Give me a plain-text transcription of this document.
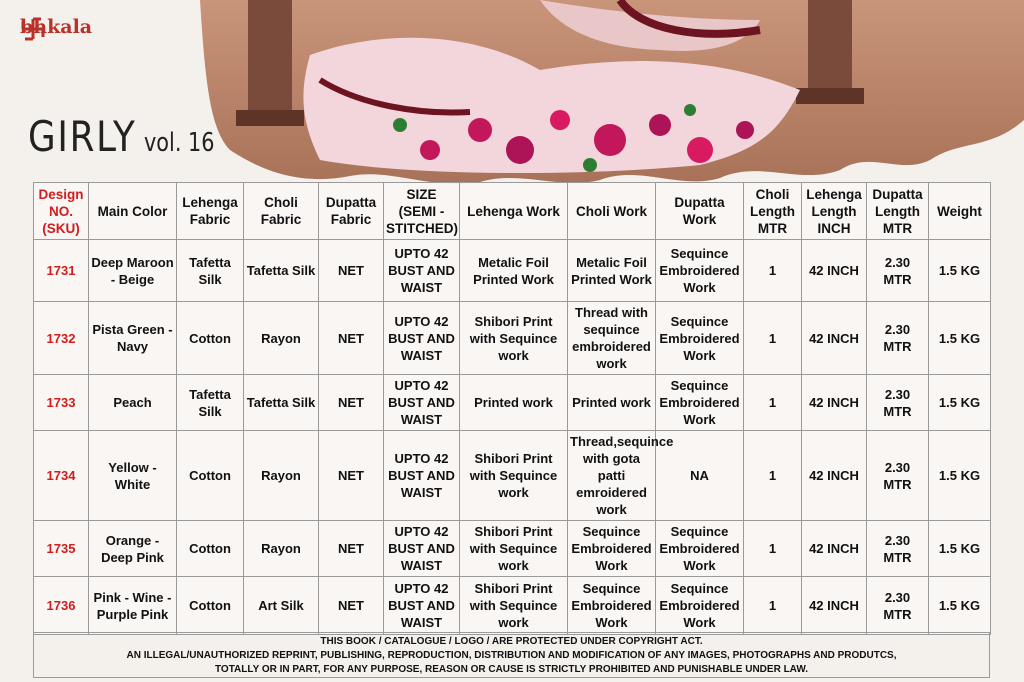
bhkala
GIRLY vol. 16
Design NO. (SKU)	Main Color	Lehenga Fabric	Choli Fabric	Dupatta Fabric	SIZE (SEMI - STITCHED)	Lehenga Work	Choli Work	Dupatta Work	Choli Length MTR	Lehenga Length INCH	Dupatta Length MTR	Weight
1731	Deep Maroon - Beige	Tafetta Silk	Tafetta Silk	NET	UPTO 42 BUST AND WAIST	Metalic Foil Printed Work	Metalic Foil Printed Work	Sequince Embroidered Work	1	42 INCH	2.30 MTR	1.5 KG
1732	Pista Green - Navy	Cotton	Rayon	NET	UPTO 42 BUST AND WAIST	Shibori Print with Sequince work	Thread with sequince embroidered work	Sequince Embroidered Work	1	42 INCH	2.30 MTR	1.5 KG
1733	Peach	Tafetta Silk	Tafetta Silk	NET	UPTO 42 BUST AND WAIST	Printed work	Printed work	Sequince Embroidered Work	1	42 INCH	2.30 MTR	1.5 KG
1734	Yellow - White	Cotton	Rayon	NET	UPTO 42 BUST AND WAIST	Shibori Print with Sequince work	Thread,sequince with gota patti emroidered work	NA	1	42 INCH	2.30 MTR	1.5 KG
1735	Orange - Deep Pink	Cotton	Rayon	NET	UPTO 42 BUST AND WAIST	Shibori Print with Sequince work	Sequince Embroidered Work	Sequince Embroidered Work	1	42 INCH	2.30 MTR	1.5 KG
1736	Pink - Wine - Purple Pink	Cotton	Art Silk	NET	UPTO 42 BUST AND WAIST	Shibori Print with Sequince work	Sequince Embroidered Work	Sequince Embroidered Work	1	42 INCH	2.30 MTR	1.5 KG
THIS BOOK / CATALOGUE / LOGO / ARE PROTECTED UNDER COPYRIGHT ACT.
AN ILLEGAL/UNAUTHORIZED REPRINT, PUBLISHING, REPRODUCTION, DISTRIBUTION AND MODIFICATION OF ANY IMAGES, PHOTOGRAPHS AND PRODUTCS,
TOTALLY OR IN PART, FOR ANY PURPOSE, REASON OR CAUSE IS STRICTLY PROHIBITED AND PUNISHABLE UNDER LAW.
